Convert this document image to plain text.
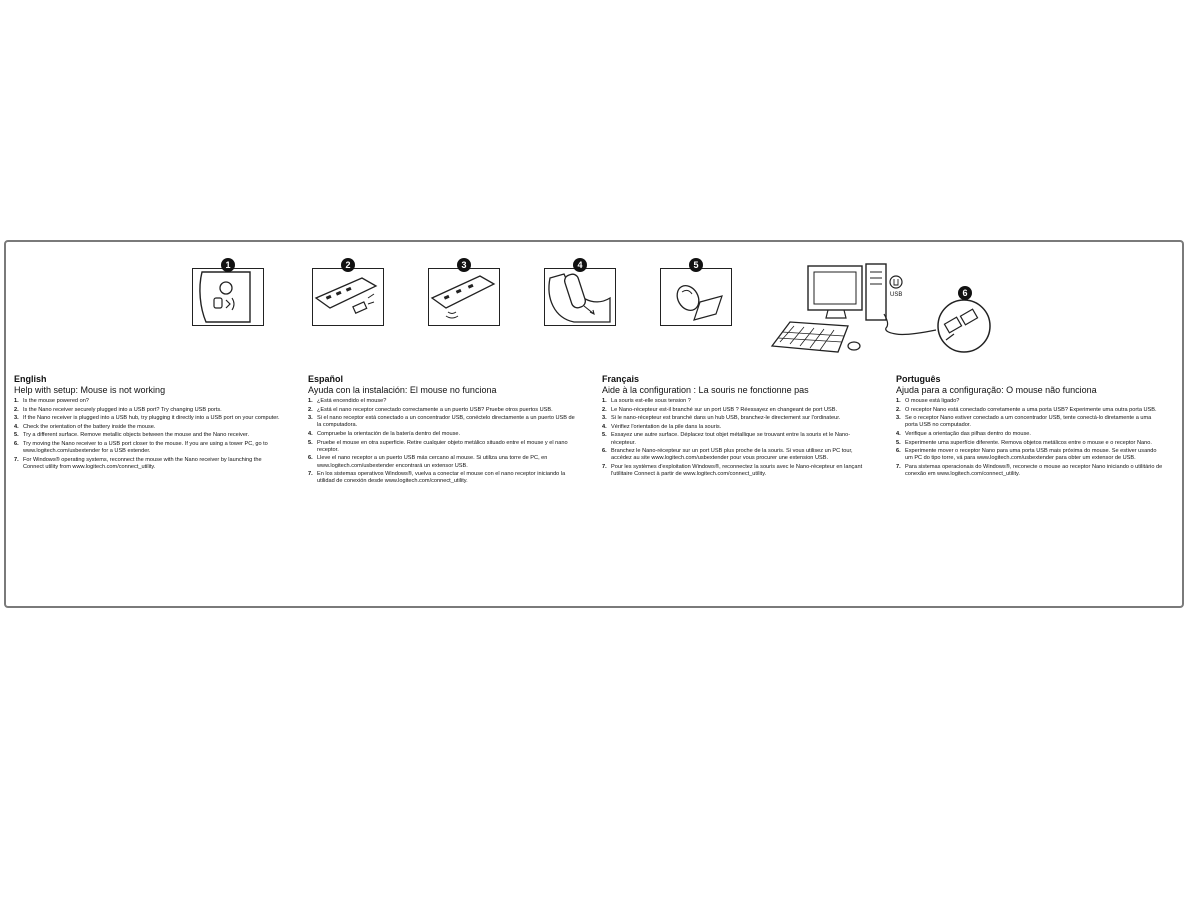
1	2	3	4	5
6
USB
English
Help with setup: Mouse is not working
1. Is the mouse powered on?
2. Is the Nano receiver securely plugged into a USB port? Try changing USB ports.
3. If the Nano receiver is plugged into a USB hub, try plugging it directly into a USB port on your computer.
4. Check the orientation of the battery inside the mouse.
5. Try a different surface. Remove metallic objects between the mouse and the Nano receiver.
6. Try moving the Nano receiver to a USB port closer to the mouse. If you are using a tower PC, go to www.logitech.com/usbextender for a USB extender.
7. For Windows® operating systems, reconnect the mouse with the Nano receiver by launching the Connect utility from www.logitech.com/connect_utility.
Español
Ayuda con la instalación: El mouse no funciona
1. ¿Está encendido el mouse?
2. ¿Está el nano receptor conectado correctamente a un puerto USB? Pruebe otros puertos USB.
3. Si el nano receptor está conectado a un concentrador USB, conéctelo directamente a un puerto USB de la computadora.
4. Compruebe la orientación de la batería dentro del mouse.
5. Pruebe el mouse en otra superficie. Retire cualquier objeto metálico situado entre el mouse y el nano receptor.
6. Lleve el nano receptor a un puerto USB más cercano al mouse. Si utiliza una torre de PC, en www.logitech.com/usbextender encontrará un extensor USB.
7. En los sistemas operativos Windows®, vuelva a conectar el mouse con el nano receptor iniciando la utilidad de conexión desde www.logitech.com/connect_utility.
Français
Aide à la configuration : La souris ne fonctionne pas
1. La souris est-elle sous tension ?
2. Le Nano-récepteur est-il branché sur un port USB ? Réessayez en changeant de port USB.
3. Si le nano-récepteur est branché dans un hub USB, branchez-le directement sur l'ordinateur.
4. Vérifiez l'orientation de la pile dans la souris.
5. Essayez une autre surface. Déplacez tout objet métallique se trouvant entre la souris et le Nano-récepteur.
6. Branchez le Nano-récepteur sur un port USB plus proche de la souris. Si vous utilisez un PC tour, accédez au site www.logitech.com/usbextender pour vous procurer une extension USB.
7. Pour les systèmes d'exploitation Windows®, reconnectez la souris avec le Nano-récepteur en lançant l'utilitaire Connect à partir de www.logitech.com/connect_utility.
Português
Ajuda para a configuração: O mouse não funciona
1. O mouse está ligado?
2. O receptor Nano está conectado corretamente a uma porta USB? Experimente uma outra porta USB.
3. Se o receptor Nano estiver conectado a um concentrador USB, tente conectá-lo diretamente a uma porta USB no computador.
4. Verifique a orientação das pilhas dentro do mouse.
5. Experimente uma superfície diferente. Remova objetos metálicos entre o mouse e o receptor Nano.
6. Experimente mover o receptor Nano para uma porta USB mais próxima do mouse. Se estiver usando um PC do tipo torre, vá para www.logitech.com/usbextender para obter um extensor de USB.
7. Para sistemas operacionais do Windows®, reconecte o mouse ao receptor Nano iniciando o utilitário de conexão em www.logitech.com/connect_utility.
